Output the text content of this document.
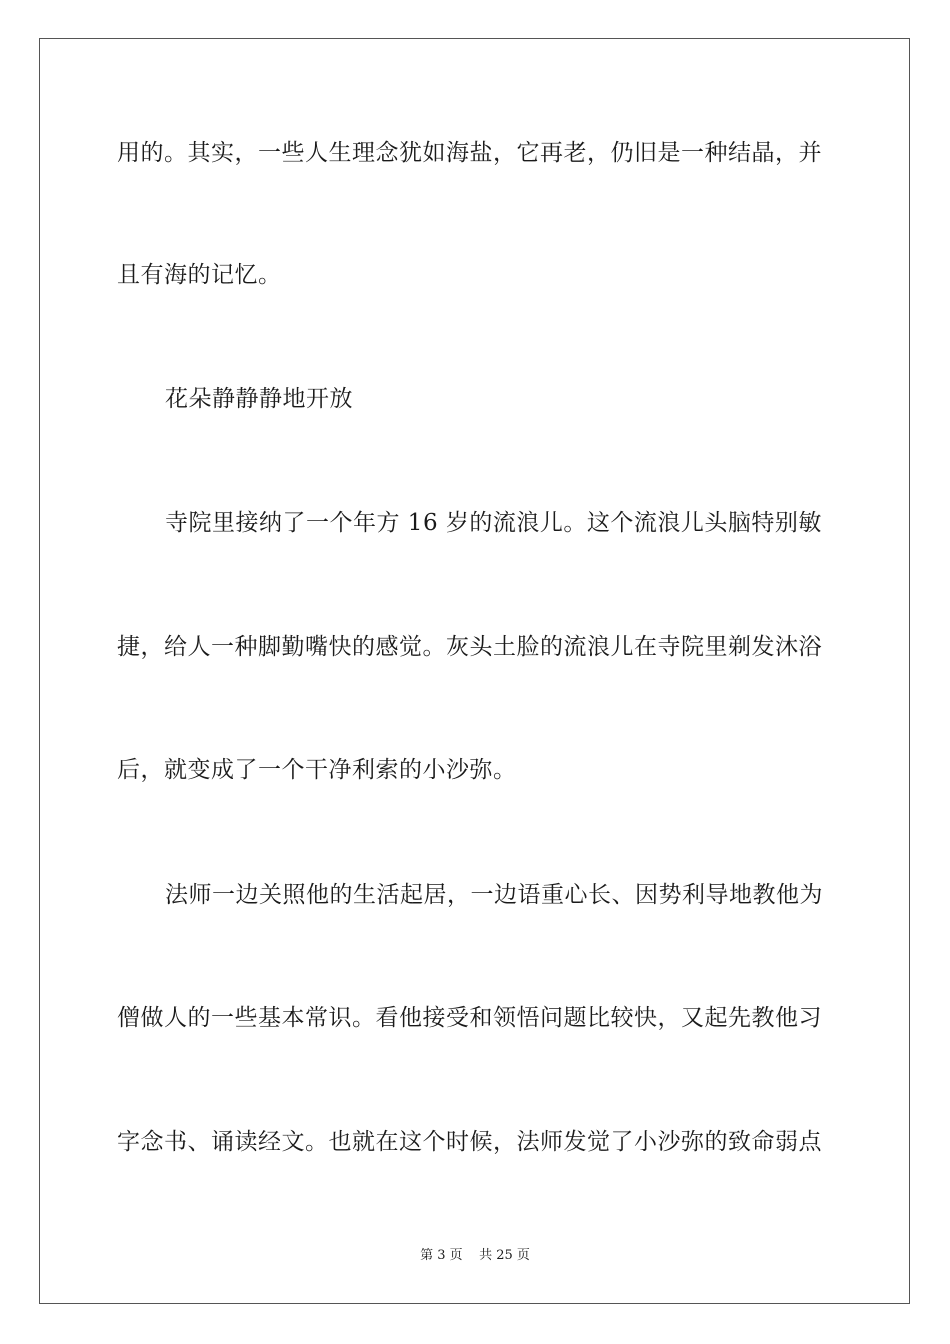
用的。其实，一些人生理念犹如海盐，它再老，仍旧是一种结晶，并
且有海的记忆。
花朵静静静地开放
寺院里接纳了一个年方 16 岁的流浪儿。这个流浪儿头脑特别敏
捷，给人一种脚勤嘴快的感觉。灰头土脸的流浪儿在寺院里剃发沐浴
后，就变成了一个干净利索的小沙弥。
法师一边关照他的生活起居，一边语重心长、因势利导地教他为
僧做人的一些基本常识。看他接受和领悟问题比较快，又起先教他习
字念书、诵读经文。也就在这个时候，法师发觉了小沙弥的致命弱点
第 3 页    共 25 页
